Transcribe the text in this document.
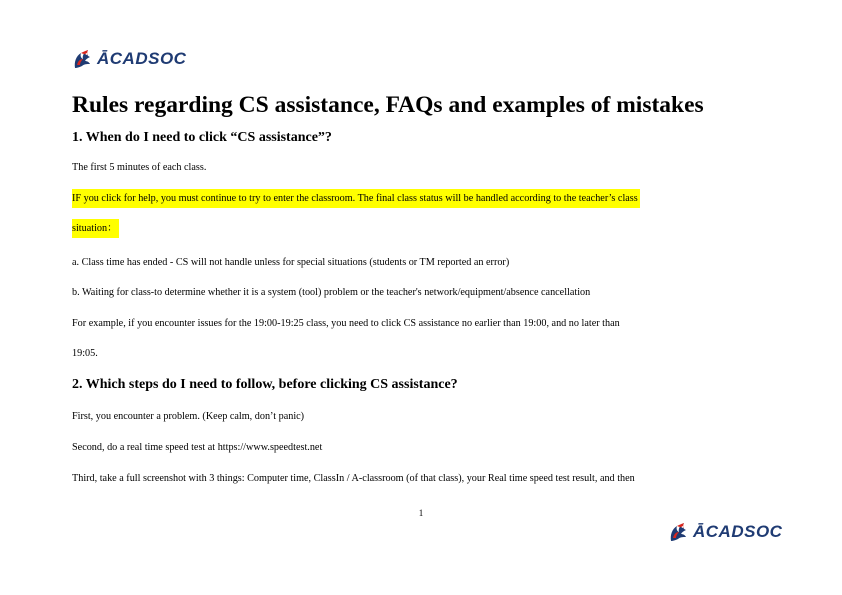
ĀCADSOC
Rules regarding CS assistance, FAQs and examples of mistakes
1. When do I need to click “CS assistance”?

The first 5 minutes of each class.

IF you click for help, you must continue to try to enter the classroom. The final class status will be handled according to the teacher’s class

situation：

a. Class time has ended - CS will not handle unless for special situations (students or TM reported an error)

b. Waiting for class-to determine whether it is a system (tool) problem or the teacher's network/equipment/absence cancellation

For example, if you encounter issues for the 19:00-19:25 class, you need to click CS assistance no earlier than 19:00, and no later than

19:05.

2. Which steps do I need to follow, before clicking CS assistance?

First, you encounter a problem. (Keep calm, don’t panic)

Second, do a real time speed test at https://www.speedtest.net

Third, take a full screenshot with 3 things: Computer time, ClassIn / A-classroom (of that class), your Real time speed test result, and then

1
ĀCADSOC
